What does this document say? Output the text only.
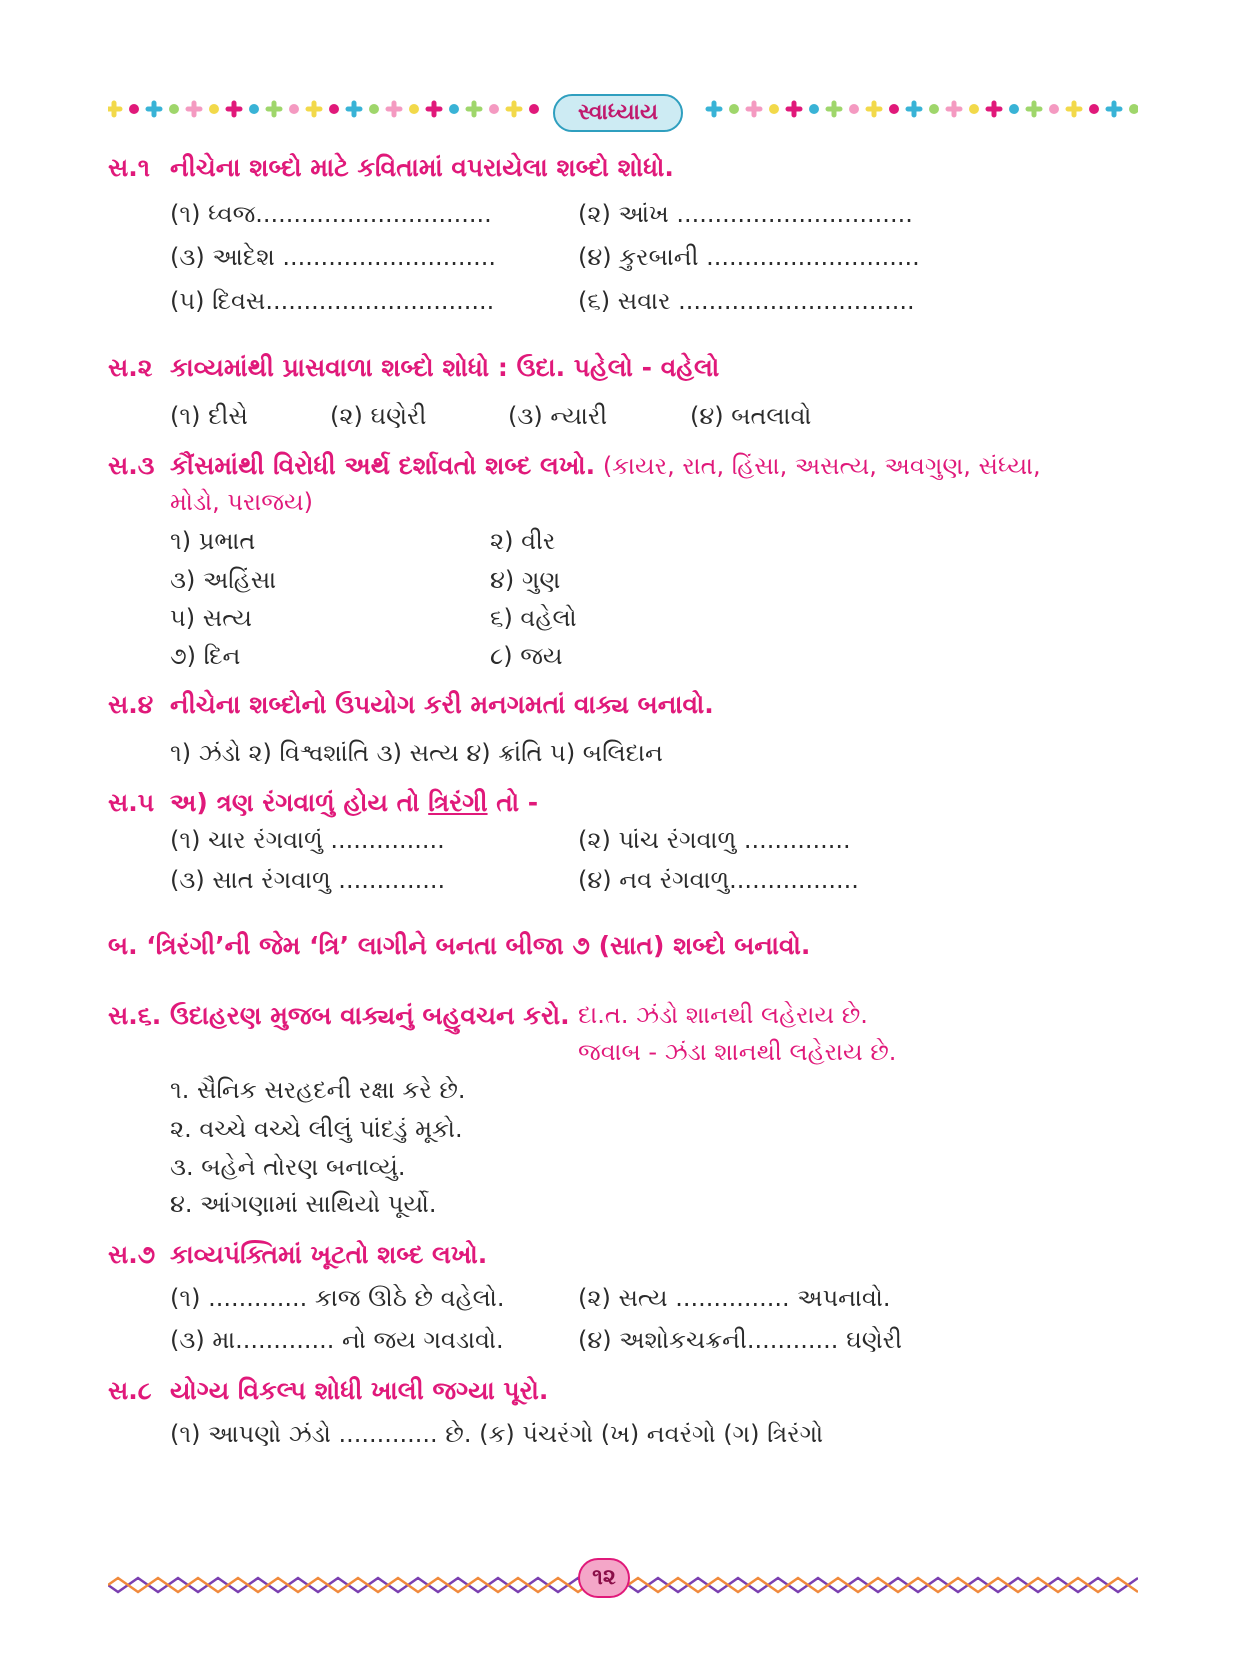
સ્વાધ્યાય
સ.૧ નીચેના શબ્દો માટે કવિતામાં વપરાયેલા શબ્દો શોધો.
(૧) ધ્વજ...............................	(૨) આંખ ...............................
(૩) આદેશ ............................	(૪) કુરબાની ............................
(૫) દિવસ..............................	(૬) સવાર ...............................
સ.૨ કાવ્યમાંથી પ્રાસવાળા શબ્દો શોધો : ઉદા. પહેલો - વહેલો
(૧) દીસે	(૨) ઘણેરી	(૩) ન્યારી	(૪) બતલાવો
સ.૩ કૌંસમાંથી વિરોધી અર્થ દર્શાવતો શબ્દ લખો. (કાયર, રાત, હિંસા, અસત્ય, અવગુણ, સંધ્યા,
મોડો, પરાજય)
૧) પ્રભાત	૨) વીર
૩) અહિંસા	૪) ગુણ
૫) સત્ય	૬) વહેલો
૭) દિન	૮) જય
સ.૪ નીચેના શબ્દોનો ઉપયોગ કરી મનગમતાં વાક્ય બનાવો.
૧) ઝંડો ૨) વિશ્વશાંતિ ૩) સત્ય ૪) ક્રાંતિ ૫) બલિદાન
સ.૫ અ) ત્રણ રંગવાળું હોય તો ત્રિરંગી તો -
(૧) ચાર રંગવાળું ...............	(૨) પાંચ રંગવાળુ ..............
(૩) સાત રંગવાળુ ..............	(૪) નવ રંગવાળુ.................
બ. ‘ત્રિરંગી’ની જેમ ‘ત્રિ’ લાગીને બનતા બીજા ૭ (સાત) શબ્દો બનાવો.
સ.૬. ઉદાહરણ મુજબ વાક્યનું બહુવચન કરો. દા.ત. ઝંડો શાનથી લહેરાય છે.
જવાબ - ઝંડા શાનથી લહેરાય છે.
૧. સૈનિક સરહદની રક્ષા કરે છે.
૨. વચ્ચે વચ્ચે લીલું પાંદડું મૂકો.
૩. બહેને તોરણ બનાવ્યું.
૪. આંગણામાં સાથિયો પૂર્યો.
સ.૭ કાવ્યપંક્તિમાં ખૂટતો શબ્દ લખો.
(૧) ............. કાજ ઊઠે છે વહેલો.	(૨) સત્ય ............... અપનાવો.
(૩) મા............. નો જય ગવડાવો.	(૪) અશોકચક્રની............ ઘણેરી
સ.૮ યોગ્ય વિકલ્પ શોધી ખાલી જગ્યા પૂરો.
(૧) આપણો ઝંડો ............. છે. (ક) પંચરંગો (ખ) નવરંગો (ગ) ત્રિરંગો
૧૨
